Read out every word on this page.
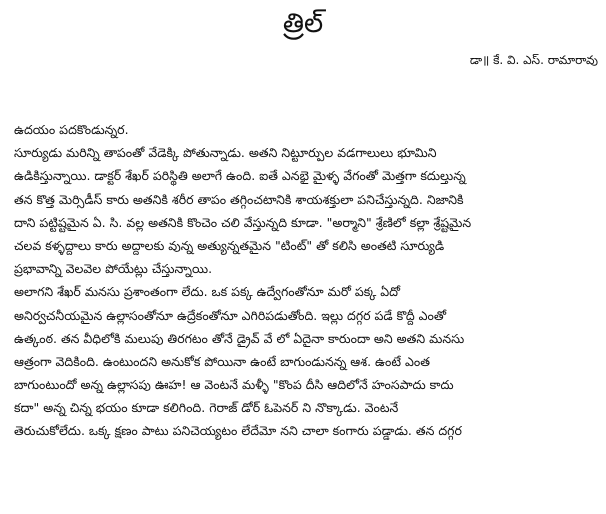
త్రిల్

డా॥ కే. వి. ఎస్. రామారావు

ఉదయం పదకొండున్నర.

సూర్యుడు మరిన్ని తాపంతో వేడెక్కి పోతున్నాడు. అతని నిట్టూర్పుల వడగాలులు భూమిని

ఉడికిస్తున్నాయి. డాక్టర్ శేఖర్ పరిస్థితి అలాగే ఉంది. ఐతే ఎనభై మైళ్ళ వేగంతో మెత్తగా కదుల్తున్న

తన కొత్త మెర్సిడీస్ కారు అతనికి శరీర తాపం తగ్గించటానికి శాయశక్తులా పనిచేస్తున్నది. నిజానికి

దాని పట్టిష్టమైన ఏ. సి. వల్ల అతనికి కొంచెం చలి వేస్తున్నది కూడా. "అర్మాని" శ్రేణిలో కల్లా శ్రేష్టమైన

చలవ కళ్ళద్దాలు కారు అద్దాలకు వున్న అత్యున్నతమైన "టింట్" తో కలిసి అంతటి సూర్యుడి

ప్రభావాన్ని వెలవెల పోయేట్లు చేస్తున్నాయి.

అలాగని శేఖర్ మనసు ప్రశాంతంగా లేదు. ఒక పక్క ఉద్వేగంతోనూ మరో పక్క ఏదో

అనిర్వచనీయమైన ఉల్లాసంతోనూ ఉద్రేకంతోనూ ఎగిరిపడుతోంది. ఇల్లు దగ్గర పడే కొద్దీ ఎంతో

ఉత్కంఠ. తన వీధిలోకి మలుపు తిరగటం తోనే డ్రైవ్ వే లో ఏదైనా కారుందా అని అతని మనసు

ఆత్రంగా వెదికింది. ఉంటుందని అనుకోక పోయినా ఉంటే బాగుండునన్న ఆశ. ఉంటే ఎంత

బాగుంటుందో అన్న ఉల్లాసపు ఊహ! ఆ వెంటనే మళ్ళీ "కొంప దీసి ఆదిలోనే హంసపాదు కాదు

కదా" అన్న చిన్న భయం కూడా కలిగింది. గెరాజ్ డోర్ ఓపెనర్ ని నొక్కాడు. వెంటనే

తెరుచుకోలేదు. ఒక్క క్షణం పాటు పనిచెయ్యటం లేదేమో నని చాలా కంగారు పడ్డాడు. తన దగ్గర
